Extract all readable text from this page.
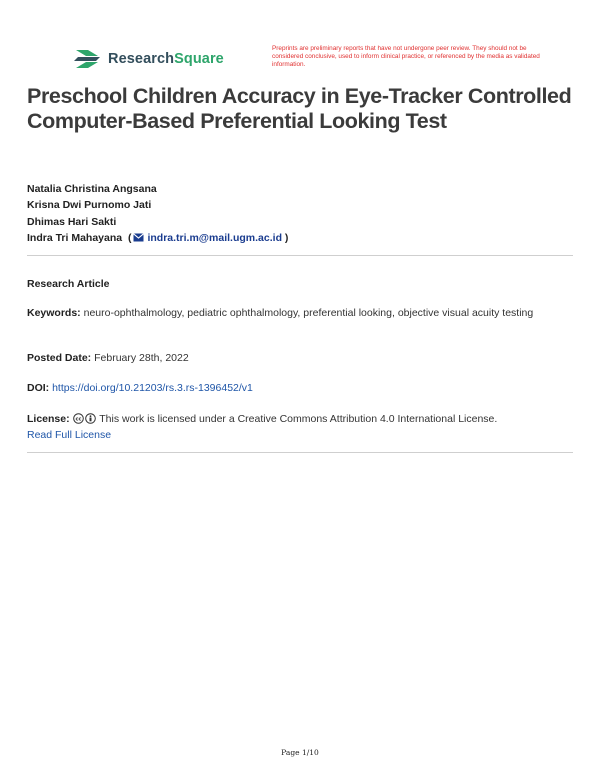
ResearchSquare
Preprints are preliminary reports that have not undergone peer review. They should not be considered conclusive, used to inform clinical practice, or referenced by the media as validated information.
Preschool Children Accuracy in Eye-Tracker Controlled Computer-Based Preferential Looking Test
Natalia Christina Angsana
Krisna Dwi Purnomo Jati
Dhimas Hari Sakti
Indra Tri Mahayana ( indra.tri.m@mail.ugm.ac.id )
Research Article
Keywords: neuro-ophthalmology, pediatric ophthalmology, preferential looking, objective visual acuity testing
Posted Date: February 28th, 2022
DOI: https://doi.org/10.21203/rs.3.rs-1396452/v1
License: cc This work is licensed under a Creative Commons Attribution 4.0 International License.
Read Full License
Page 1/10
